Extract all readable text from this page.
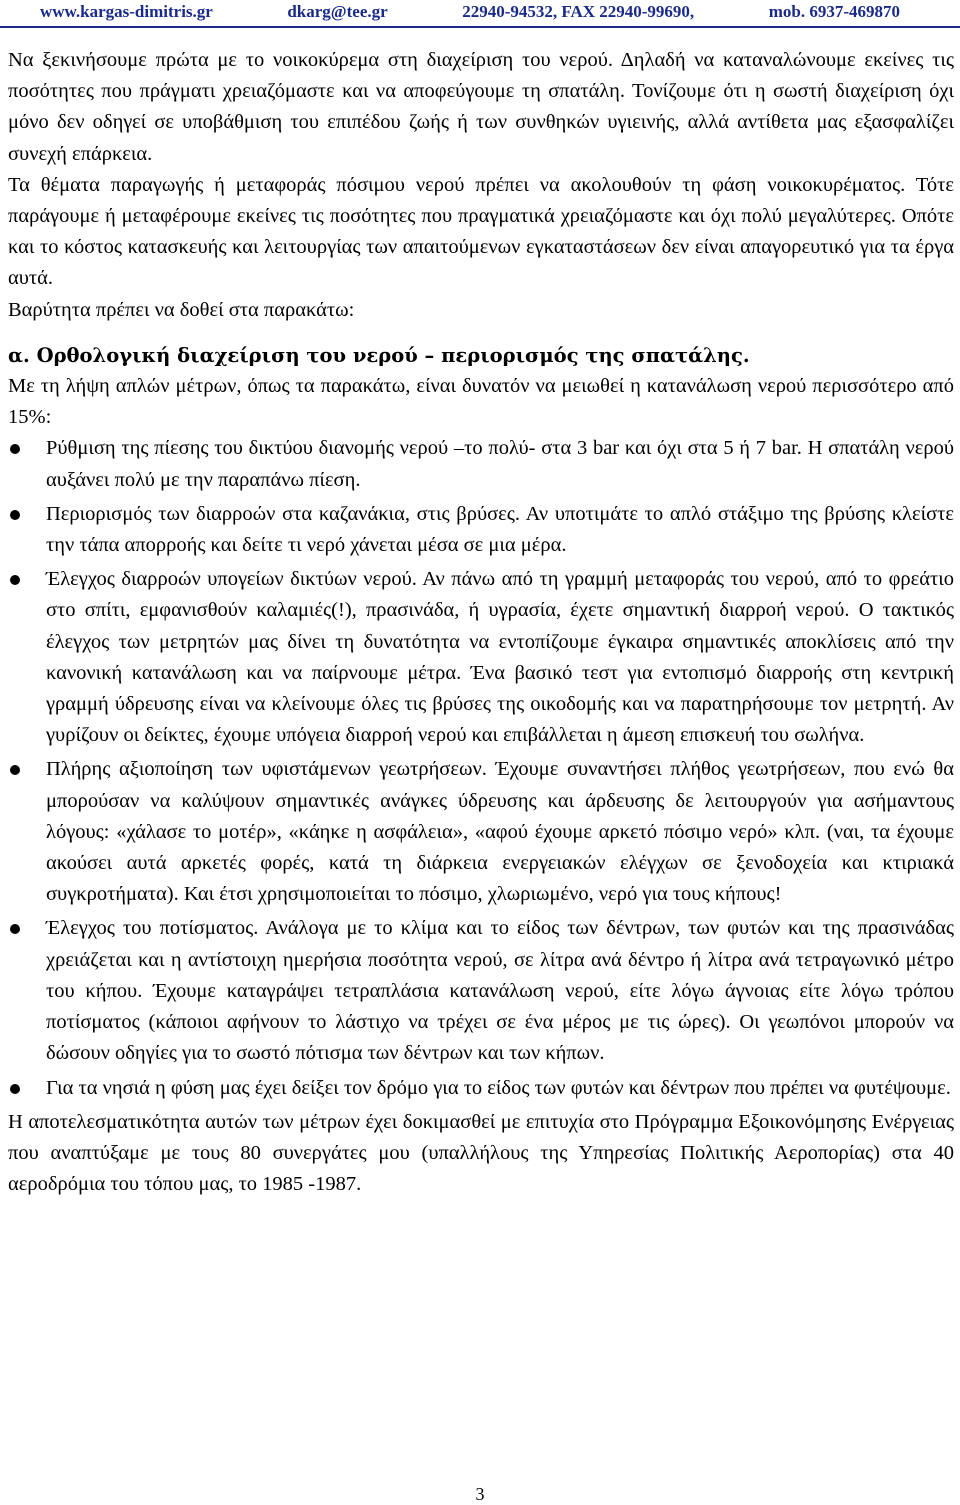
www.kargas-dimitris.gr	dkarg@tee.gr	22940-94532, FAX 22940-99690,	mob. 6937-469870

Να ξεκινήσουμε πρώτα με το νοικοκύρεμα στη διαχείριση του νερού. Δηλαδή να καταναλώνουμε εκείνες τις ποσότητες που πράγματι χρειαζόμαστε και να αποφεύγουμε τη σπατάλη. Τονίζουμε ότι η σωστή διαχείριση όχι μόνο δεν οδηγεί σε υποβάθμιση του επιπέδου ζωής ή των συνθηκών υγιεινής, αλλά αντίθετα μας εξασφαλίζει συνεχή επάρκεια.

Τα θέματα παραγωγής ή μεταφοράς πόσιμου νερού πρέπει να ακολουθούν τη φάση νοικοκυρέματος. Τότε παράγουμε ή μεταφέρουμε εκείνες τις ποσότητες που πραγματικά χρειαζόμαστε και όχι πολύ μεγαλύτερες. Οπότε και το κόστος κατασκευής και λειτουργίας των απαιτούμενων εγκαταστάσεων δεν είναι απαγορευτικό για τα έργα αυτά.

Βαρύτητα πρέπει να δοθεί στα παρακάτω:

α. Ορθολογική διαχείριση του νερού – περιορισμός της σπατάλης.

Με τη λήψη απλών μέτρων, όπως τα παρακάτω, είναι δυνατόν να μειωθεί η κατανάλωση νερού περισσότερο από 15%:

Ρύθμιση της πίεσης του δικτύου διανομής νερού –το πολύ- στα 3 bar και όχι στα 5 ή 7 bar. Η σπατάλη νερού αυξάνει πολύ με την παραπάνω πίεση.
Περιορισμός των διαρροών στα καζανάκια, στις βρύσες. Αν υποτιμάτε το απλό στάξιμο της βρύσης κλείστε την τάπα απορροής και δείτε τι νερό χάνεται μέσα σε μια μέρα.
Έλεγχος διαρροών υπογείων δικτύων νερού. Αν πάνω από τη γραμμή μεταφοράς του νερού, από το φρεάτιο στο σπίτι, εμφανισθούν καλαμιές(!), πρασινάδα, ή υγρασία, έχετε σημαντική διαρροή νερού. Ο τακτικός έλεγχος των μετρητών μας δίνει τη δυνατότητα να εντοπίζουμε έγκαιρα σημαντικές αποκλίσεις από την κανονική κατανάλωση και να παίρνουμε μέτρα. Ένα βασικό τεστ για εντοπισμό διαρροής στη κεντρική γραμμή ύδρευσης είναι να κλείνουμε όλες τις βρύσες της οικοδομής και να παρατηρήσουμε τον μετρητή. Αν γυρίζουν οι δείκτες, έχουμε υπόγεια διαρροή νερού και επιβάλλεται η άμεση επισκευή του σωλήνα.
Πλήρης αξιοποίηση των υφιστάμενων γεωτρήσεων. Έχουμε συναντήσει πλήθος γεωτρήσεων, που ενώ θα μπορούσαν να καλύψουν σημαντικές ανάγκες ύδρευσης και άρδευσης δε λειτουργούν για ασήμαντους λόγους: «χάλασε το μοτέρ», «κάηκε η ασφάλεια», «αφού έχουμε αρκετό πόσιμο νερό» κλπ. (ναι, τα έχουμε ακούσει αυτά αρκετές φορές, κατά τη διάρκεια ενεργειακών ελέγχων σε ξενοδοχεία και κτιριακά συγκροτήματα). Και έτσι χρησιμοποιείται το πόσιμο, χλωριωμένο, νερό για τους κήπους!
Έλεγχος του ποτίσματος. Ανάλογα με το κλίμα και το είδος των δέντρων, των φυτών και της πρασινάδας χρειάζεται και η αντίστοιχη ημερήσια ποσότητα νερού, σε λίτρα ανά δέντρο ή λίτρα ανά τετραγωνικό μέτρο του κήπου. Έχουμε καταγράψει τετραπλάσια κατανάλωση νερού, είτε λόγω άγνοιας είτε λόγω τρόπου ποτίσματος (κάποιοι αφήνουν το λάστιχο να τρέχει σε ένα μέρος με τις ώρες). Οι γεωπόνοι μπορούν να δώσουν οδηγίες για το σωστό πότισμα των δέντρων και των κήπων.
Για τα νησιά η φύση μας έχει δείξει τον δρόμο για το είδος των φυτών και δέντρων που πρέπει να φυτέψουμε.

Η αποτελεσματικότητα αυτών των μέτρων έχει δοκιμασθεί με επιτυχία στο Πρόγραμμα Εξοικονόμησης Ενέργειας που αναπτύξαμε με τους 80 συνεργάτες μου (υπαλλήλους της Υπηρεσίας Πολιτικής Αεροπορίας) στα 40 αεροδρόμια του τόπου μας, το 1985 -1987.

3
